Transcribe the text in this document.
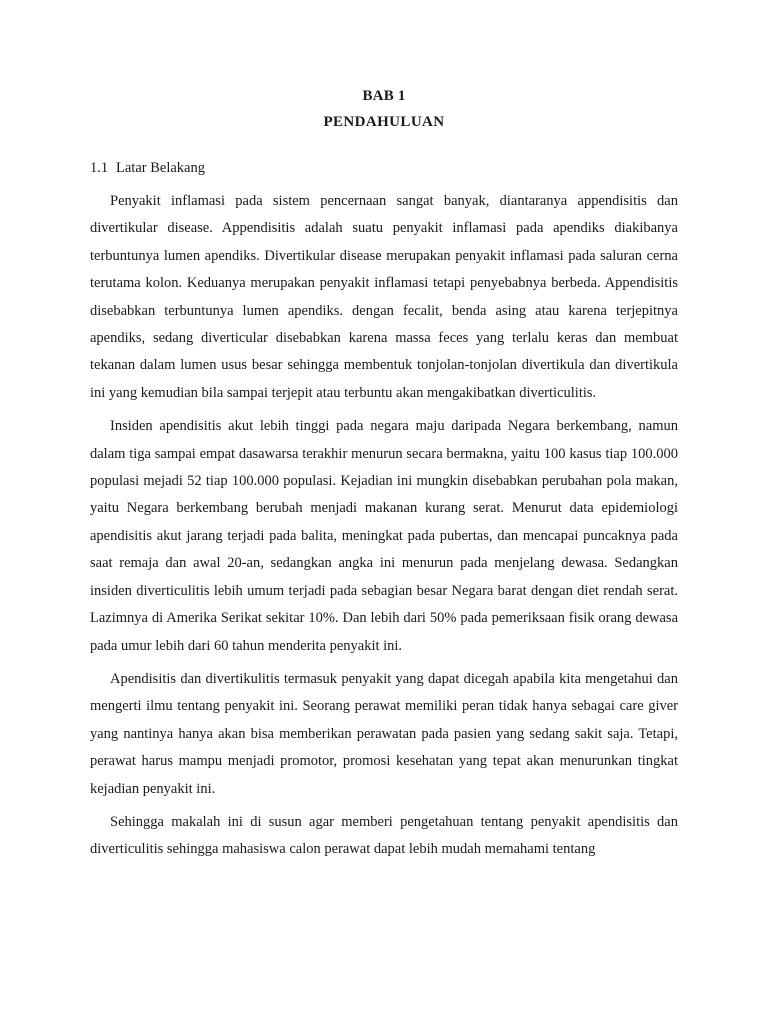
BAB 1
PENDAHULUAN
1.1 Latar Belakang

Penyakit inflamasi pada sistem pencernaan sangat banyak, diantaranya appendisitis dan divertikular disease. Appendisitis adalah suatu penyakit inflamasi pada apendiks diakibanya terbuntunya lumen apendiks. Divertikular disease merupakan penyakit inflamasi pada saluran cerna terutama kolon. Keduanya merupakan penyakit inflamasi tetapi penyebabnya berbeda. Appendisitis disebabkan terbuntunya lumen apendiks. dengan fecalit, benda asing atau karena terjepitnya apendiks, sedang diverticular disebabkan karena massa feces yang terlalu keras dan membuat tekanan dalam lumen usus besar sehingga membentuk tonjolan-tonjolan divertikula dan divertikula ini yang kemudian bila sampai terjepit atau terbuntu akan mengakibatkan diverticulitis.

Insiden apendisitis akut lebih tinggi pada negara maju daripada Negara berkembang, namun dalam tiga sampai empat dasawarsa terakhir menurun secara bermakna, yaitu 100 kasus tiap 100.000 populasi mejadi 52 tiap 100.000 populasi. Kejadian ini mungkin disebabkan perubahan pola makan, yaitu Negara berkembang berubah menjadi makanan kurang serat. Menurut data epidemiologi apendisitis akut jarang terjadi pada balita, meningkat pada pubertas, dan mencapai puncaknya pada saat remaja dan awal 20-an, sedangkan angka ini menurun pada menjelang dewasa. Sedangkan insiden diverticulitis lebih umum terjadi pada sebagian besar Negara barat dengan diet rendah serat. Lazimnya di Amerika Serikat sekitar 10%. Dan lebih dari 50% pada pemeriksaan fisik orang dewasa pada umur lebih dari 60 tahun menderita penyakit ini.

Apendisitis dan divertikulitis termasuk penyakit yang dapat dicegah apabila kita mengetahui dan mengerti ilmu tentang penyakit ini. Seorang perawat memiliki peran tidak hanya sebagai care giver yang nantinya hanya akan bisa memberikan perawatan pada pasien yang sedang sakit saja. Tetapi, perawat harus mampu menjadi promotor, promosi kesehatan yang tepat akan menurunkan tingkat kejadian penyakit ini.

Sehingga makalah ini di susun agar memberi pengetahuan tentang penyakit apendisitis dan diverticulitis sehingga mahasiswa calon perawat dapat lebih mudah memahami tentang
